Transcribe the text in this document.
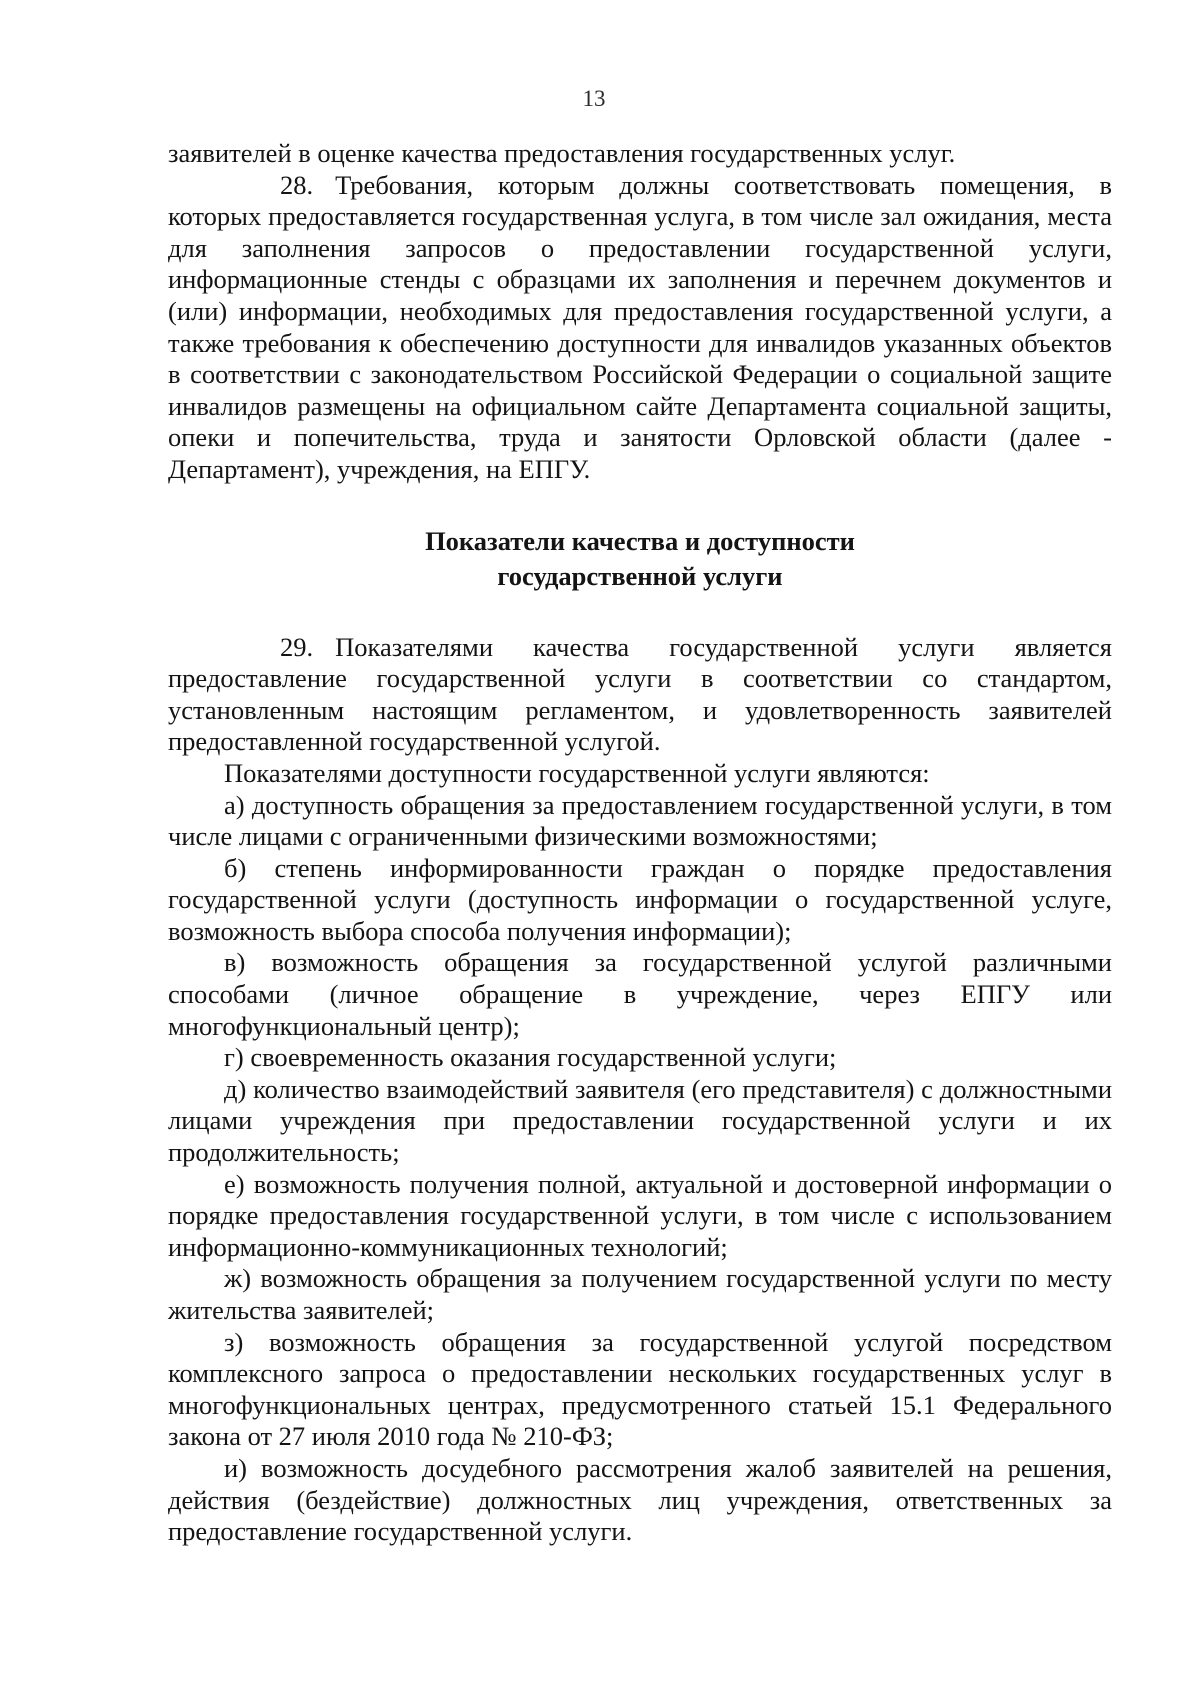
13

заявителей в оценке качества предоставления государственных услуг.

28. Требования, которым должны соответствовать помещения, в которых предоставляется государственная услуга, в том числе зал ожидания, места для заполнения запросов о предоставлении государственной услуги, информационные стенды с образцами их заполнения и перечнем документов и (или) информации, необходимых для предоставления государственной услуги, а также требования к обеспечению доступности для инвалидов указанных объектов в соответствии с законодательством Российской Федерации о социальной защите инвалидов размещены на официальном сайте Департамента социальной защиты, опеки и попечительства, труда и занятости Орловской области (далее - Департамент), учреждения, на ЕПГУ.

Показатели качества и доступности
государственной услуги

29. Показателями качества государственной услуги является предоставление государственной услуги в соответствии со стандартом, установленным настоящим регламентом, и удовлетворенность заявителей предоставленной государственной услугой.

Показателями доступности государственной услуги являются:

а) доступность обращения за предоставлением государственной услуги, в том числе лицами с ограниченными физическими возможностями;

б) степень информированности граждан о порядке предоставления государственной услуги (доступность информации о государственной услуге, возможность выбора способа получения информации);

в) возможность обращения за государственной услугой различными способами (личное обращение в учреждение, через ЕПГУ или многофункциональный центр);

г) своевременность оказания государственной услуги;

д) количество взаимодействий заявителя (его представителя) с должностными лицами учреждения при предоставлении государственной услуги и их продолжительность;

е) возможность получения полной, актуальной и достоверной информации о порядке предоставления государственной услуги, в том числе с использованием информационно-коммуникационных технологий;

ж) возможность обращения за получением государственной услуги по месту жительства заявителей;

з) возможность обращения за государственной услугой посредством комплексного запроса о предоставлении нескольких государственных услуг в многофункциональных центрах, предусмотренного статьей 15.1 Федерального закона от 27 июля 2010 года № 210-ФЗ;

и) возможность досудебного рассмотрения жалоб заявителей на решения, действия (бездействие) должностных лиц учреждения, ответственных за предоставление государственной услуги.
